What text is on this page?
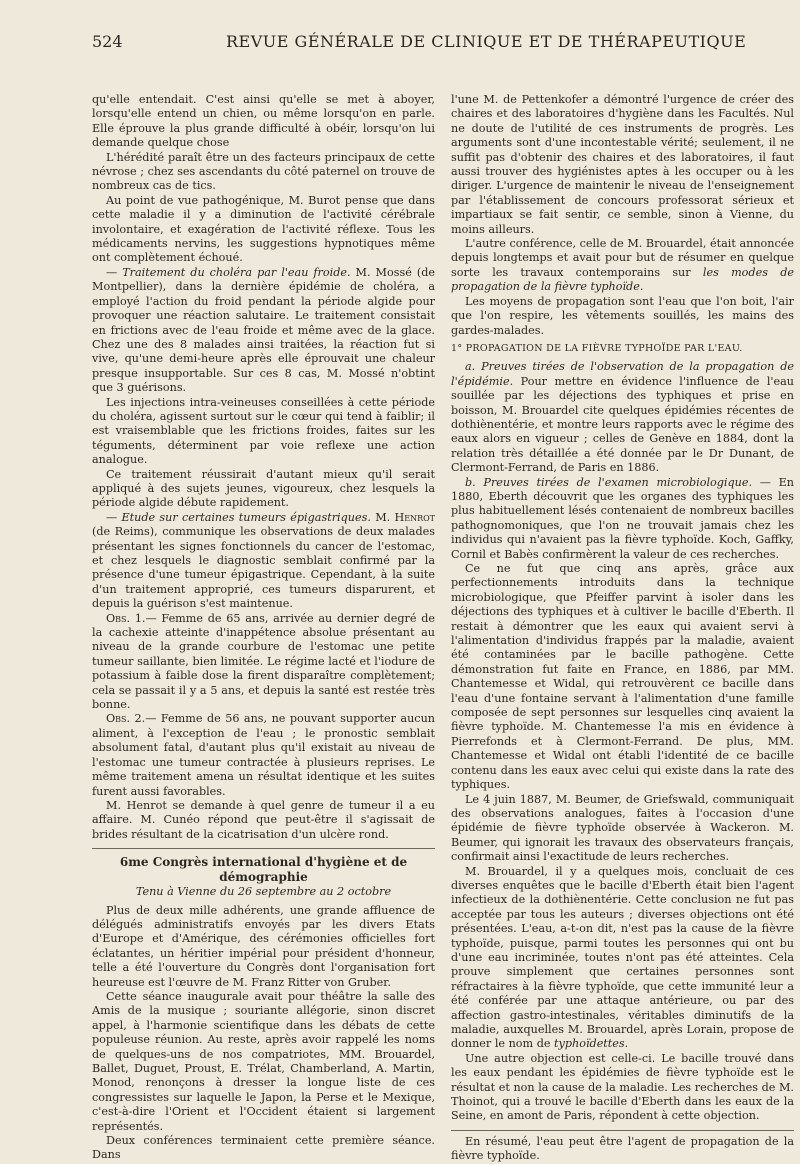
524	REVUE GÉNÉRALE DE CLINIQUE ET DE THÉRAPEUTIQUE

qu'elle entendait. C'est ainsi qu'elle se met à aboyer, lorsqu'elle entend un chien, ou même lorsqu'on en parle. Elle éprouve la plus grande difficulté à obéir, lorsqu'on lui demande quelque chose

L'hérédité paraît être un des facteurs principaux de cette névrose ; chez ses ascendants du côté paternel on trouve de nombreux cas de tics.

Au point de vue pathogénique, M. Burot pense que dans cette maladie il y a diminution de l'activité cérébrale involontaire, et exagération de l'activité réflexe. Tous les médicaments nervins, les suggestions hypnotiques même ont complètement échoué.

— Traitement du choléra par l'eau froide. M. Mossé (de Montpellier), dans la dernière épidémie de choléra, a employé l'action du froid pendant la période algide pour provoquer une réaction salutaire. Le traitement consistait en frictions avec de l'eau froide et même avec de la glace. Chez une des 8 malades ainsi traitées, la réaction fut si vive, qu'une demi-heure après elle éprouvait une chaleur presque insupportable. Sur ces 8 cas, M. Mossé n'obtint que 3 guérisons.

Les injections intra-veineuses conseillées à cette période du choléra, agissent surtout sur le cœur qui tend à faiblir; il est vraisemblable que les frictions froides, faites sur les téguments, déterminent par voie reflexe une action analogue.

Ce traitement réussirait d'autant mieux qu'il serait appliqué à des sujets jeunes, vigoureux, chez lesquels la période algide débute rapidement.

— Etude sur certaines tumeurs épigastriques. M. Henrot (de Reims), communique les observations de deux malades présentant les signes fonctionnels du cancer de l'estomac, et chez lesquels le diagnostic semblait confirmé par la présence d'une tumeur épigastrique. Cependant, à la suite d'un traitement approprié, ces tumeurs disparurent, et depuis la guérison s'est maintenue.

Obs. 1.— Femme de 65 ans, arrivée au dernier degré de la cachexie atteinte d'inappétence absolue présentant au niveau de la grande courbure de l'estomac une petite tumeur saillante, bien limitée. Le régime lacté et l'iodure de potassium à faible dose la firent disparaître complètement; cela se passait il y a 5 ans, et depuis la santé est restée très bonne.

Obs. 2.— Femme de 56 ans, ne pouvant supporter aucun aliment, à l'exception de l'eau ; le pronostic semblait absolument fatal, d'autant plus qu'il existait au niveau de l'estomac une tumeur contractée à plusieurs reprises. Le même traitement amena un résultat identique et les suites furent aussi favorables.

M. Henrot se demande à quel genre de tumeur il a eu affaire. M. Cunéo répond que peut-être il s'agissait de brides résultant de la cicatrisation d'un ulcère rond.

6me Congrès international d'hygiène et de
démographie

Tenu à Vienne du 26 septembre au 2 octobre

Plus de deux mille adhérents, une grande affluence de délégués administratifs envoyés par les divers Etats d'Europe et d'Amérique, des cérémonies officielles fort éclatantes, un héritier impérial pour président d'honneur, telle a été l'ouverture du Congrès dont l'organisation fort heureuse est l'œuvre de M. Franz Ritter von Gruber.

Cette séance inaugurale avait pour théâtre la salle des Amis de la musique ; souriante allégorie, sinon discret appel, à l'harmonie scientifique dans les débats de cette populeuse réunion. Au reste, après avoir rappelé les noms de quelques-uns de nos compatriotes, MM. Brouardel, Ballet, Duguet, Proust, E. Trélat, Chamberland, A. Martin, Monod, renonçons à dresser la longue liste de ces congressistes sur laquelle le Japon, la Perse et le Mexique, c'est-à-dire l'Orient et l'Occident étaient si largement représentés.

Deux conférences terminaient cette première séance. Dans

l'une M. de Pettenkofer a démontré l'urgence de créer des chaires et des laboratoires d'hygiène dans les Facultés. Nul ne doute de l'utilité de ces instruments de progrès. Les arguments sont d'une incontestable vérité; seulement, il ne suffit pas d'obtenir des chaires et des laboratoires, il faut aussi trouver des hygiénistes aptes à les occuper ou à les diriger. L'urgence de maintenir le niveau de l'enseignement par l'établissement de concours professorat sérieux et impartiaux se fait sentir, ce semble, sinon à Vienne, du moins ailleurs.

L'autre conférence, celle de M. Brouardel, était annoncée depuis longtemps et avait pour but de résumer en quelque sorte les travaux contemporains sur les modes de propagation de la fièvre typhoïde.

Les moyens de propagation sont l'eau que l'on boit, l'air que l'on respire, les vêtements souillés, les mains des gardes-malades.

1° PROPAGATION DE LA FIÈVRE TYPHOÏDE PAR L'EAU.

a. Preuves tirées de l'observation de la propagation de l'épidémie. Pour mettre en évidence l'influence de l'eau souillée par les déjections des typhiques et prise en boisson, M. Brouardel cite quelques épidémies récentes de dothiènentérie, et montre leurs rapports avec le régime des eaux alors en vigueur ; celles de Genève en 1884, dont la relation très détaillée a été donnée par le Dr Dunant, de Clermont-Ferrand, de Paris en 1886.

b. Preuves tirées de l'examen microbiologique. — En 1880, Eberth découvrit que les organes des typhiques les plus habituellement lésés contenaient de nombreux bacilles pathognomoniques, que l'on ne trouvait jamais chez les individus qui n'avaient pas la fièvre typhoïde. Koch, Gaffky, Cornil et Babès confirmèrent la valeur de ces recherches.

Ce ne fut que cinq ans après, grâce aux perfectionnements introduits dans la technique microbiologique, que Pfeiffer parvint à isoler dans les déjections des typhiques et à cultiver le bacille d'Eberth. Il restait à démontrer que les eaux qui avaient servi à l'alimentation d'individus frappés par la maladie, avaient été contaminées par le bacille pathogène. Cette démonstration fut faite en France, en 1886, par MM. Chantemesse et Widal, qui retrouvèrent ce bacille dans l'eau d'une fontaine servant à l'alimentation d'une famille composée de sept personnes sur lesquelles cinq avaient la fièvre typhoïde. M. Chantemesse l'a mis en évidence à Pierrefonds et à Clermont-Ferrand. De plus, MM. Chantemesse et Widal ont établi l'identité de ce bacille contenu dans les eaux avec celui qui existe dans la rate des typhiques.

Le 4 juin 1887, M. Beumer, de Griefswald, communiquait des observations analogues, faites à l'occasion d'une épidémie de fièvre typhoïde observée à Wackeron. M. Beumer, qui ignorait les travaux des observateurs français, confirmait ainsi l'exactitude de leurs recherches.

M. Brouardel, il y a quelques mois, concluait de ces diverses enquêtes que le bacille d'Eberth était bien l'agent infectieux de la dothiènentérie. Cette conclusion ne fut pas acceptée par tous les auteurs ; diverses objections ont été présentées. L'eau, a-t-on dit, n'est pas la cause de la fièvre typhoïde, puisque, parmi toutes les personnes qui ont bu d'une eau incriminée, toutes n'ont pas été atteintes. Cela prouve simplement que certaines personnes sont réfractaires à la fièvre typhoïde, que cette immunité leur a été conférée par une attaque antérieure, ou par des affection gastro-intestinales, véritables diminutifs de la maladie, auxquelles M. Brouardel, après Lorain, propose de donner le nom de typhoïdettes.

Une autre objection est celle-ci. Le bacille trouvé dans les eaux pendant les épidémies de fièvre typhoïde est le résultat et non la cause de la maladie. Les recherches de M. Thoinot, qui a trouvé le bacille d'Eberth dans les eaux de la Seine, en amont de Paris, répondent à cette objection.

En résumé, l'eau peut être l'agent de propagation de la fièvre typhoïde.
